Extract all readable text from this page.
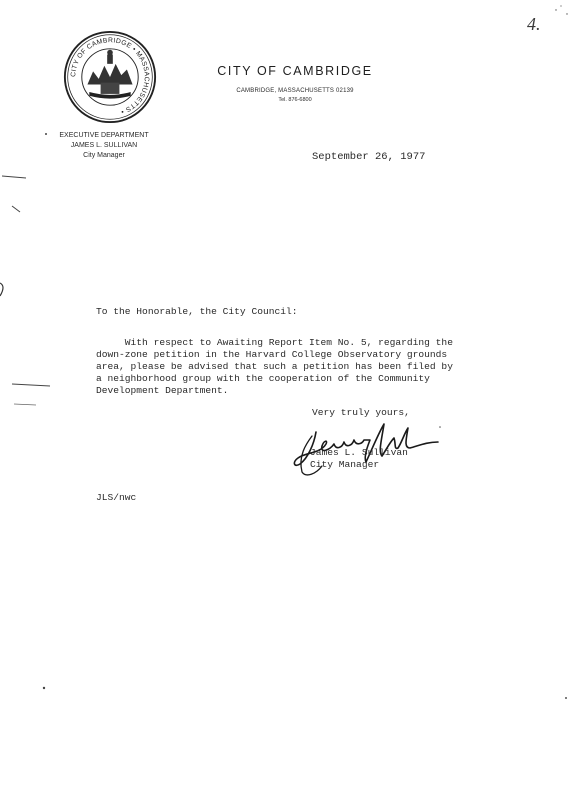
CITY OF CAMBRIDGE • MASSACHUSETTS •
CITY OF CAMBRIDGE
CAMBRIDGE, MASSACHUSETTS 02139
Tel. 876-6800
EXECUTIVE DEPARTMENT
JAMES L. SULLIVAN
City Manager	September 26, 1977
To the Honorable, the City Council:
With respect to Awaiting Report Item No. 5, regarding the
down-zone petition in the Harvard College Observatory grounds
area, please be advised that such a petition has been filed by
a neighborhood group with the cooperation of the Community
Development Department.
Very truly yours,
James L. Sullivan
City Manager
JLS/nwc
4.
